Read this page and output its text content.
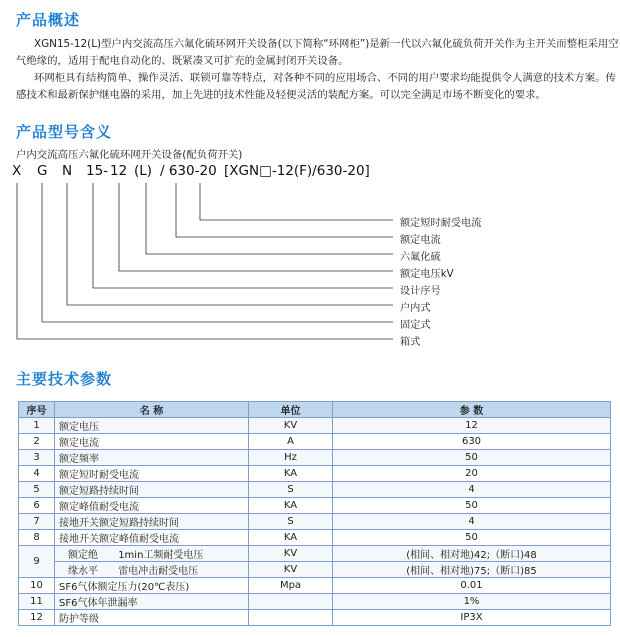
产品概述
XGN15-12(L)型户内交流高压六氟化硫环网开关设备(以下简称“环网柜”)是新一代以六氟化硫负荷开关作为主开关而整柜采用空
气绝缘的，适用于配电自动化的、既紧凑又可扩充的金属封闭开关设备。
环网柜具有结构简单、操作灵活、联锁可靠等特点，对各种不同的应用场合、不同的用户要求均能提供令人满意的技术方案。传
感技术和最新保护继电器的采用，加上先进的技术性能及轻便灵活的装配方案。可以完全满足市场不断变化的要求。
产品型号含义
户内交流高压六氟化硫环网开关设备(配负荷开关)
X G N 15- 12 (L) / 630-20 [XGN□-12(F)/630-20]
额定短时耐受电流
额定电流
六氟化硫
额定电压kV
设计序号
户内式
固定式
箱式
主要技术参数
序号	名 称	单位	参 数
1	额定电压	KV	12
2	额定电流	A	630
3	额定频率	Hz	50
4	额定短时耐受电流	KA	20
5	额定短路持续时间	S	4
6	额定峰值耐受电流	KA	50
7	接地开关额定短路持续时间	S	4
8	接地开关额定峰值耐受电流	KA	50
9	额定绝 1min工频耐受电压	KV	(相间、相对地)42;（断口)48
	缘水平 雷电冲击耐受电压	KV	(相间、相对地)75;（断口)85
10	SF6气体额定压力(20℃表压)	Mpa	0.01
11	SF6气体年泄漏率		1%
12	防护等级		IP3X
